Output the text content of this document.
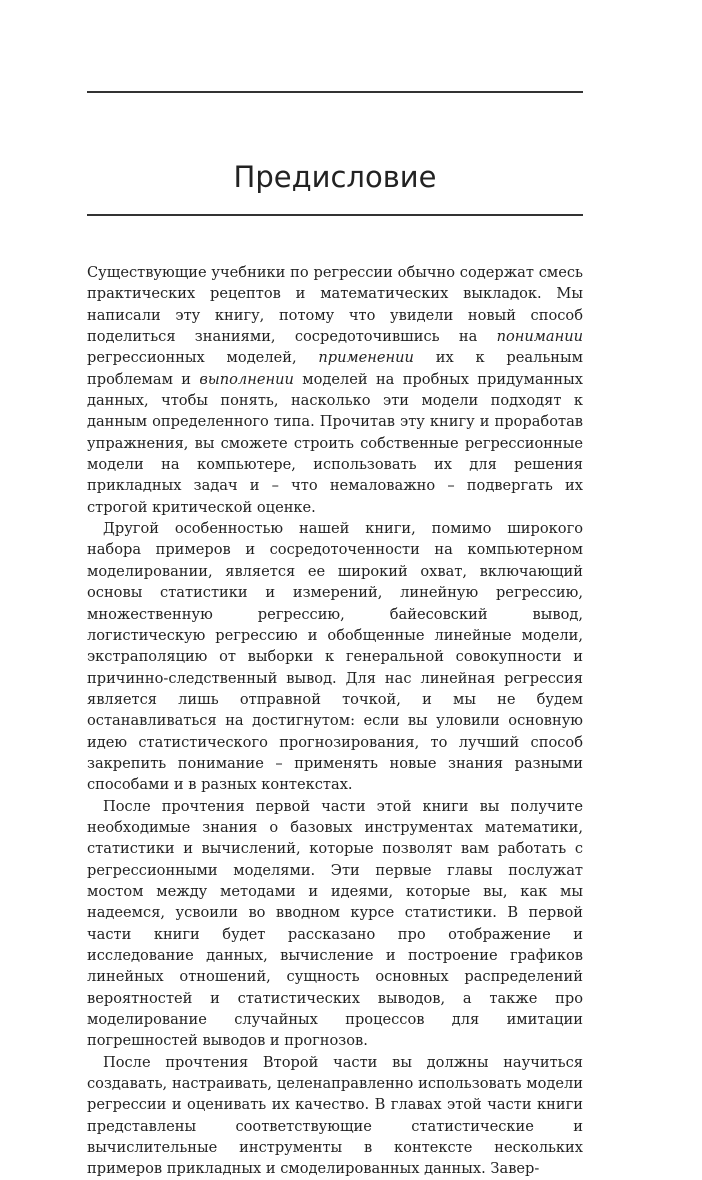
Предисловие

Существующие учебники по регрессии обычно содержат смесь практических рецептов и математических выкладок. Мы написали эту книгу, потому что увидели новый способ поделиться знаниями, сосредоточившись на понимании регрессионных моделей, применении их к реальным проблемам и выполнении моделей на пробных придуманных данных, чтобы понять, насколько эти модели подходят к данным определенного типа. Прочитав эту книгу и проработав упражнения, вы сможете строить собственные регрессионные модели на компьютере, использовать их для решения прикладных задач и – что немаловажно – подвергать их строгой критической оценке.

Другой особенностью нашей книги, помимо широкого набора примеров и сосредоточенности на компьютерном моделировании, является ее широкий охват, включающий основы статистики и измерений, линейную регрессию, множественную регрессию, байесовский вывод, логистическую регрессию и обобщенные линейные модели, экстраполяцию от выборки к генеральной совокупности и причинно-следственный вывод. Для нас линейная регрессия является лишь отправной точкой, и мы не будем останавливаться на достигнутом: если вы уловили основную идею статистического прогнозирования, то лучший способ закрепить понимание – применять новые знания разными способами и в разных контекстах.

После прочтения первой части этой книги вы получите необходимые знания о базовых инструментах математики, статистики и вычислений, которые позволят вам работать с регрессионными моделями. Эти первые главы послужат мостом между методами и идеями, которые вы, как мы надеемся, усвоили во вводном курсе статистики. В первой части книги будет рассказано про отображение и исследование данных, вычисление и построение графиков линейных отношений, сущность основных распределений вероятностей и статистических выводов, а также про моделирование случайных процессов для имитации погрешностей выводов и прогнозов.

После прочтения Второй части вы должны научиться создавать, настраивать, целенаправленно использовать модели регрессии и оценивать их качество. В главах этой части книги представлены соответствующие статистические и вычислительные инструменты в контексте нескольких примеров прикладных и смоделированных данных. Завер-
